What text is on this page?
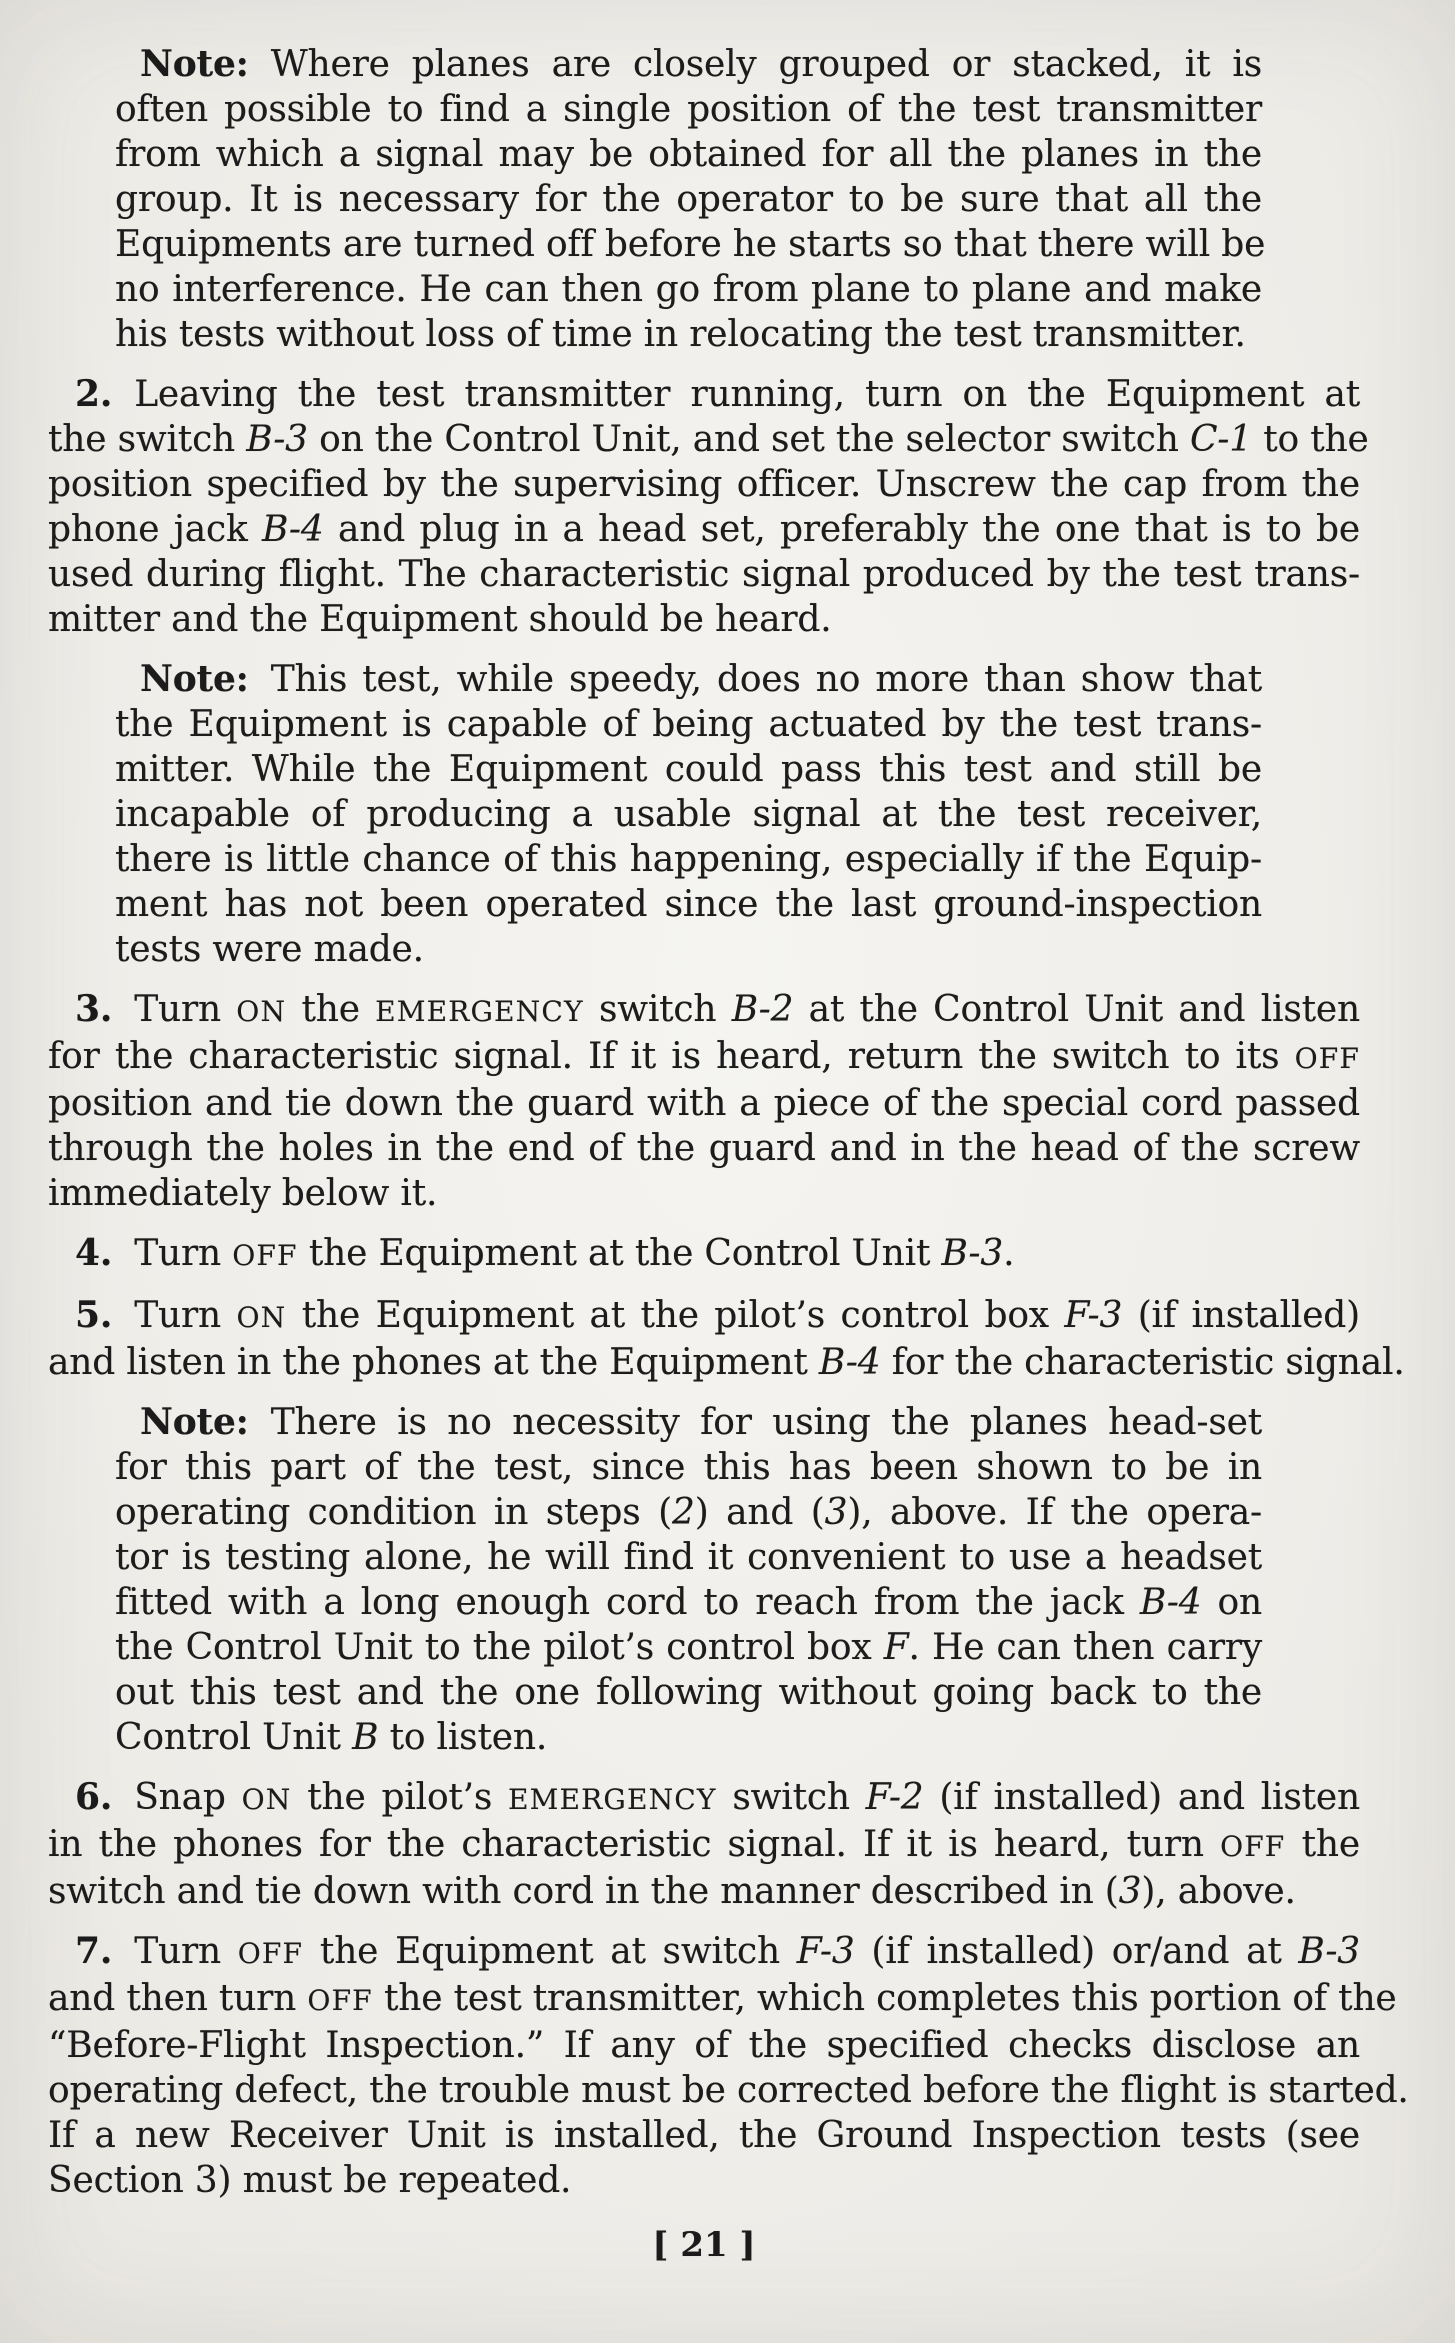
Note: Where planes are closely grouped or stacked, it is
often possible to find a single position of the test transmitter
from which a signal may be obtained for all the planes in the
group. It is necessary for the operator to be sure that all the
Equipments are turned off before he starts so that there will be
no interference. He can then go from plane to plane and make
his tests without loss of time in relocating the test transmitter.
2. Leaving the test transmitter running, turn on the Equipment at
the switch B-3 on the Control Unit, and set the selector switch C-1 to the
position specified by the supervising officer. Unscrew the cap from the
phone jack B-4 and plug in a head set, preferably the one that is to be
used during flight. The characteristic signal produced by the test trans-
mitter and the Equipment should be heard.
Note: This test, while speedy, does no more than show that
the Equipment is capable of being actuated by the test trans-
mitter. While the Equipment could pass this test and still be
incapable of producing a usable signal at the test receiver,
there is little chance of this happening, especially if the Equip-
ment has not been operated since the last ground-inspection
tests were made.
3. Turn ON the EMERGENCY switch B-2 at the Control Unit and listen
for the characteristic signal. If it is heard, return the switch to its OFF
position and tie down the guard with a piece of the special cord passed
through the holes in the end of the guard and in the head of the screw
immediately below it.
4. Turn OFF the Equipment at the Control Unit B-3.
5. Turn ON the Equipment at the pilot’s control box F-3 (if installed)
and listen in the phones at the Equipment B-4 for the characteristic signal.
Note: There is no necessity for using the planes head-set
for this part of the test, since this has been shown to be in
operating condition in steps (2) and (3), above. If the opera-
tor is testing alone, he will find it convenient to use a headset
fitted with a long enough cord to reach from the jack B-4 on
the Control Unit to the pilot’s control box F. He can then carry
out this test and the one following without going back to the
Control Unit B to listen.
6. Snap ON the pilot’s EMERGENCY switch F-2 (if installed) and listen
in the phones for the characteristic signal. If it is heard, turn OFF the
switch and tie down with cord in the manner described in (3), above.
7. Turn OFF the Equipment at switch F-3 (if installed) or/and at B-3
and then turn OFF the test transmitter, which completes this portion of the
“Before-Flight Inspection.” If any of the specified checks disclose an
operating defect, the trouble must be corrected before the flight is started.
If a new Receiver Unit is installed, the Ground Inspection tests (see
Section 3) must be repeated.
[ 21 ]
